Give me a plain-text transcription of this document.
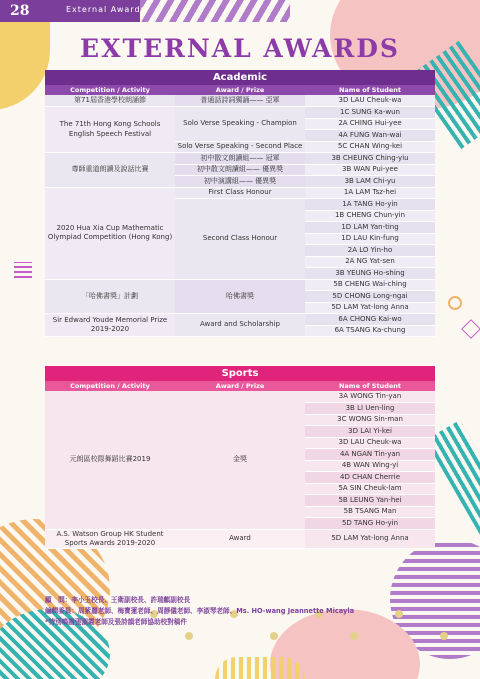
28	External Awards
EXTERNAL AWARDS
Academic		
Competition / Activity	Award / Prize	Name of Student
第71屆香港學校朗誦節	普通話詩詞獨誦—— 亞軍	3D LAU Cheuk-wa
The 71th Hong Kong Schools English Speech Festival	Solo Verse Speaking - Champion	1C SUNG Ka-wun
		2A CHING Hui-yee
		4A FUNG Wan-wai
	Solo Verse Speaking - Second Place	5C CHAN Wing-kei
尊師重道朗讀及說話比賽	初中散文朗讀組—— 冠軍	3B CHEUNG Ching-yiu
	初中散文朗讀組—— 優異獎	3B WAN Pui-yee
	初中演講組—— 優異獎	3B LAM Chi-yu
2020 Hua Xia Cup Mathematic Olympiad Competition (Hong Kong)	First Class Honour	1A LAM Tsz-hei
	Second Class Honour	1A TANG Ho-yin
		1B CHENG Chun-yin
		1D LAM Yan-ting
		1D LAU Kin-fung
		2A LO Yin-ho
		2A NG Yat-sen
		3B YEUNG Ho-shing
「哈佛書獎」計劃	哈佛書獎	5B CHENG Wai-ching
		5D CHONG Long-ngai
		5D LAM Yat-long Anna
Sir Edward Youde Memorial Prize 2019-2020	Award and Scholarship	6A CHONG Kai-wo
		6A TSANG Ka-chung
Sports		
Competition / Activity	Award / Prize	Name of Student
元朗區校際舞蹈比賽2019	金獎	3A WONG Tin-yan
		3B LI Uen-ling
		3C WONG Sin-man
		3D LAI Yi-kei
		3D LAU Cheuk-wa
		4A NGAN Tin-yan
		4B WAN Wing-yi
		4D CHAN Cherrie
		5A SIN Cheuk-lam
		5B LEUNG Yan-hei
		5B TSANG Man
		5D TANG Ho-yin
A.S. Watson Group HK Student Sports Awards 2019-2020	Award	5D LAM Yat-long Anna
顧　問：李小玉校長、王衛副校長、許瑞麒副校長
編輯委員：周紫麗老師、梅寶蓮老師、周靜儀老師、李淑琴老師、Ms. HO-wang Jeannette Micayla
*特別鳴謝張淑霞老師及張詩韻老師協助校對稿件
